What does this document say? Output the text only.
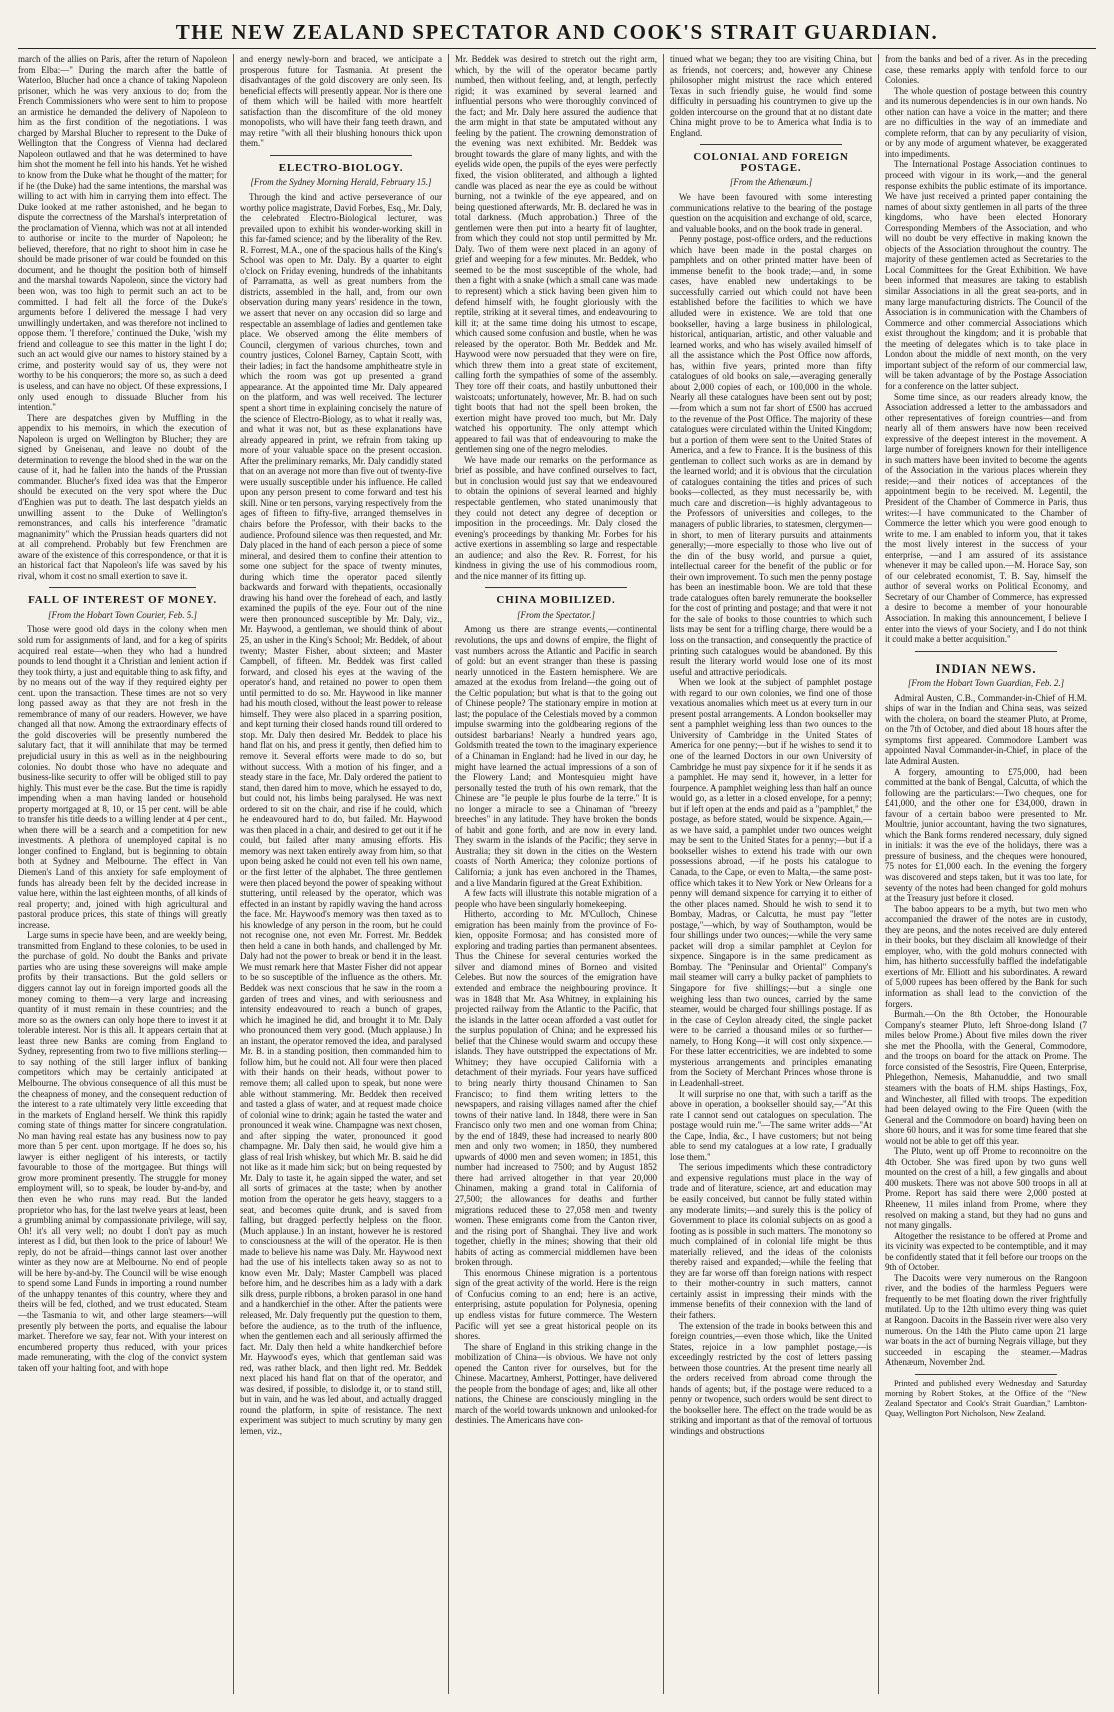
THE NEW ZEALAND SPECTATOR AND COOK'S STRAIT GUARDIAN.

march of the allies on Paris, after the return of Napoleon from Elba:—" During the march after the battle of Waterloo, Blucher had once a chance of taking Napoleon prisoner, which he was very anxious to do; from the French Commissioners who were sent to him to propose an armistice he demanded the delivery of Napoleon to him as the first condition of the negotiations. I was charged by Marshal Blucher to represent to the Duke of Wellington that the Congress of Vienna had declared Napoleon outlawed and that he was determined to have him shot the moment he fell into his hands. Yet he wished to know from the Duke what he thought of the matter; for if he (the Duke) had the same intentions, the marshal was willing to act with him in carrying them into effect. The Duke looked at me rather astonished, and he began to dispute the correctness of the Marshal's interpretation of the proclamation of Vienna, which was not at all intended to authorise or incite to the murder of Napoleon; he believed, therefore, that no right to shoot him in case he should be made prisoner of war could be founded on this document, and he thought the position both of himself and the marshal towards Napoleon, since the victory had been won, was too high to permit such an act to be committed. I had felt all the force of the Duke's arguments before I delivered the message I had very unwillingly undertaken, and was therefore not inclined to oppose them. 'I therefore,' continued the Duke, 'wish my friend and colleague to see this matter in the light I do; such an act would give our names to history stained by a crime, and posterity would say of us, they were not worthy to be his conquerors; the more so, as such a deed is useless, and can have no object. Of these expressions, I only used enough to dissuade Blucher from his intention."

There are despatches given by Muffling in the appendix to his memoirs, in which the execution of Napoleon is urged on Wellington by Blucher; they are signed by Gneisenau, and leave no doubt of the determination to revenge the blood shed in the war on the cause of it, had he fallen into the hands of the Prussian commander. Blucher's fixed idea was that the Emperor should be executed on the very spot where the Duc d'Enghien was put to death. The last despatch yields an unwilling assent to the Duke of Wellington's remonstrances, and calls his interference "dramatic magnanimity" which the Prussian heads quarters did not at all comprehend. Probably but few Frenchmen are aware of the existence of this correspondence, or that it is an historical fact that Napoleon's life was saved by his rival, whom it cost no small exertion to save it.

FALL OF INTEREST OF MONEY.
[From the Hobart Town Courier, Feb. 5.]

Those were good old days in the colony when men sold rum for assignments of land, and for a keg of spirits acquired real estate—when they who had a hundred pounds to lend thought it a Christian and lenient action if they took thirty, a just and equitable thing to ask fifty, and by no means out of the way if they required eighty per cent. upon the transaction. These times are not so very long passed away as that they are not fresh in the remembrance of many of our readers. However, we have changed all that now. Among the extraordinary effects of the gold discoveries will be presently numbered the salutary fact, that it will annihilate that may be termed prejudicial usury in this as well as in the neighbouring colonies. No doubt those who have no adequate and business-like security to offer will be obliged still to pay highly. This must ever be the case. But the time is rapidly impending when a man having landed or household property mortgaged at 8, 10, or 15 per cent. will be able to transfer his title deeds to a willing lender at 4 per cent., when there will be a search and a competition for new investments. A plethora of unemployed capital is no longer confined to England, but is beginning to obtain both at Sydney and Melbourne. The effect in Van Diemen's Land of this anxiety for safe employment of funds has already been felt by the decided increase in value here, within the last eighteen months, of all kinds of real property; and, joined with high agricultural and pastoral produce prices, this state of things will greatly increase.

Large sums in specie have been, and are weekly being, transmitted from England to these colonies, to be used in the purchase of gold. No doubt the Banks and private parties who are using these sovereigns will make ample profits by their transactions. But the gold sellers or diggers cannot lay out in foreign imported goods all the money coming to them—a very large and increasing quantity of it must remain in these countries; and the more so as the owners can only hope there to invest it at tolerable interest. Nor is this all. It appears certain that at least three new Banks are coming from England to Sydney, representing from two to five millions sterling—to say nothing of the still larger influx of banking competitors which may be certainly anticipated at Melbourne. The obvious consequence of all this must be the cheapness of money, and the consequent reduction of the interest to a rate ultimately very little exceeding that in the markets of England herself. We think this rapidly coming state of things matter for sincere congratulation. No man having real estate has any business now to pay more than 5 per cent. upon mortgage. If he does so, his lawyer is either negligent of his interests, or tactily favourable to those of the mortgagee. But things will grow more prominent presently. The struggle for money employment will, so to speak, be louder by-and-by, and then even he who runs may read. But the landed proprietor who has, for the last twelve years at least, been a grumbling animal by compassionate privilege, will say, Oh! it's all very well; no doubt I don't pay as much interest as I did, but then look to the price of labour! We reply, do not be afraid—things cannot last over another winter as they now are at Melbourne. No end of people will be here by-and-by. The Council will be wise enough to spend some Land Funds in importing a round number of the unhappy tenantes of this country, where they and theirs will be fed, clothed, and we trust educated. Steam—the Tasmania to wit, and other large steamers—will presently ply between the ports, and equalise the labour market. Therefore we say, fear not. With your interest on encumbered property thus reduced, with your prices made remunerating, with the clog of the convict system taken off your halting foot, and with hope

and energy newly-born and braced, we anticipate a prosperous future for Tasmania. At present the disadvantages of the gold discovery are only seen. Its beneficial effects will presently appear. Nor is there one of them which will be hailed with more heartfelt satisfaction than the discomfiture of the old money monopolists, who will have their fang teeth drawn, and may retire "with all their blushing honours thick upon them."

ELECTRO-BIOLOGY.
[From the Sydney Morning Herald, February 15.]

Through the kind and active perseverance of our worthy police magistrate, David Forbes, Esq., Mr. Daly, the celebrated Electro-Biological lecturer, was prevailed upon to exhibit his wonder-working skill in this far-famed science; and by the liberality of the Rev. R. Forrest, M.A., one of the spacious halls of the King's School was open to Mr. Daly. By a quarter to eight o'clock on Friday evening, hundreds of the inhabitants of Parramatta, as well as great numbers from the districts, assembled in the hall, and, from our own observation during many years' residence in the town, we assert that never on any occasion did so large and respectable an assemblage of ladies and gentlemen take place. We observed among the élite members of Council, clergymen of various churches, town and country justices, Colonel Barney, Captain Scott, with their ladies; in fact the handsome amphitheatre style in which the room was got up presented a grand appearance. At the appointed time Mr. Daly appeared on the platform, and was well received. The lecturer spent a short time in explaining concisely the nature of the science of Electro-Biology, as to what it really was, and what it was not, but as these explanations have already appeared in print, we refrain from taking up more of your valuable space on the present occasion. After the preliminary remarks, Mr. Daly candidly stated that on an average not more than five out of twenty-five were usually susceptible under his influence. He called upon any person present to come forward and test his skill. Nine or ten persons, varying respectively from the ages of fifteen to fifty-five, arranged themselves in chairs before the Professor, with their backs to the audience. Profound silence was then requested, and Mr. Daly placed in the hand of each person a piece of some mineral, and desired them to confine their attention to some one subject for the space of twenty minutes, during which time the operator paced silently backwards and forward with thepatients, occasionally drawing his hand over the forehead of each, and lastly examined the pupils of the eye. Four out of the nine were then pronounced susceptible by Mr. Daly, viz., Mr. Haywood, a gentleman, we should think of about 25, an usher in the King's School; Mr. Beddek, of about twenty; Master Fisher, about sixteen; and Master Campbell, of fifteen. Mr. Beddek was first called forward, and closed his eyes at the waving of the operator's hand, and retained no power to open them until permitted to do so. Mr. Haywood in like manner had his mouth closed, without the least power to release himself. They were also placed in a sparring position, and kept turning their closed hands round till ordered to stop. Mr. Daly then desired Mr. Beddek to place his hand flat on his, and press it gently, then defied him to remove it. Several efforts were made to do so, but without success. With a motion of his finger, and a steady stare in the face, Mr. Daly ordered the patient to stand, then dared him to move, which he essayed to do, but could not, his limbs being paralysed. He was next ordered to sit on the chair, and rise if he could, which he endeavoured hard to do, but failed. Mr. Haywood was then placed in a chair, and desired to get out it if he could, but failed after many amusing efforts. His memory was next taken entirely away from him, so that upon being asked he could not even tell his own name, or the first letter of the alphabet. The three gentlemen were then placed beyond the power of speaking without stuttering, until released by the operator, which was effected in an instant by rapidly waving the hand across the face. Mr. Haywood's memory was then taxed as to his knowledge of any person in the room, but he could not recognise one, not even Mr. Forrest. Mr. Beddek then held a cane in both hands, and challenged by Mr. Daly had not the power to break or bend it in the least. We must remark here that Master Fisher did not appear to be so susceptible of the influence as the others. Mr. Beddek was next conscious that he saw in the room a garden of trees and vines, and with seriousness and intensity endeavoured to reach a bunch of grapes, which he imagined he did, and brought it to Mr. Daly who pronounced them very good. (Much applause.) In an instant, the operator removed the idea, and paralysed Mr. B. in a standing position, then commanded him to follow him, but he could not. All four were then placed with their hands on their heads, without power to remove them; all called upon to speak, but none were able without stammering. Mr. Beddek then received and tasted a glass of water, and at request made choice of colonial wine to drink; again he tasted the water and pronounced it weak wine. Champagne was next chosen, and after sipping the water, pronounced it good champagne. Mr. Daly then said, he would give him a glass of real Irish whiskey, but which Mr. B. said he did not like as it made him sick; but on being requested by Mr. Daly to taste it, he again sipped the water, and set all sorts of grimaces at the taste; when by another motion from the operator he gets heavy, staggers to a seat, and becomes quite drunk, and is saved from falling, but dragged perfectly helpless on the floor. (Much applause.) In an instant, however he is restored to consciousness at the will of the operator. He is then made to believe his name was Daly. Mr. Haywood next had the use of his intellects taken away so as not to know even Mr. Daly; Master Campbell was placed before him, and he describes him as a lady with a dark silk dress, purple ribbons, a broken parasol in one hand and a handkerchief in the other. After the patients were released, Mr. Daly frequently put the question to them, before the audience, as to the truth of the influence, when the gentlemen each and all seriously affirmed the fact. Mr. Daly then held a white handkerchief before Mr. Haywood's eyes, which that gentleman said was red, was rather black, and then light red. Mr. Beddek next placed his hand flat on that of the operator, and was desired, if possible, to dislodge it, or to stand still, but in vain, and he was led about, and actually dragged round the platform, in spite of resistance. The next experiment was subject to much scrutiny by many gen lemen, viz.,

Mr. Beddek was desired to stretch out the right arm, which, by the will of the operator became partly numbed, then without feeling, and, at length, perfectly rigid; it was examined by several learned and influential persons who were thoroughly convinced of the fact; and Mr. Daly here assured the audience that the arm might in that state be amputated without any feeling by the patient. The crowning demonstration of the evening was next exhibited. Mr. Beddek was brought towards the glare of many lights, and with the eyelids wide open, the pupils of the eyes were perfectly fixed, the vision obliterated, and although a lighted candle was placed as near the eye as could be without burning, not a twinkle of the eye appeared, and on being questioned afterwards, Mr. B. declared he was in total darkness. (Much approbation.) Three of the gentlemen were then put into a hearty fit of laughter, from which they could not stop until permitted by Mr. Daly. Two of them were next placed in an agony of grief and weeping for a few minutes. Mr. Beddek, who seemed to be the most susceptible of the whole, had then a fight with a snake (which a small cane was made to represent) which a stick having been given him to defend himself with, he fought gloriously with the reptile, striking at it several times, and endeavouring to kill it; at the same time doing his utmost to escape, which caused some confusion and bustle, when he was released by the operator. Both Mr. Beddek and Mr. Haywood were now persuaded that they were on fire, which threw them into a great state of excitement, calling forth the sympathies of some of the assembly. They tore off their coats, and hastily unbuttoned their waistcoats; unfortunately, however, Mr. B. had on such tight boots that had not the spell been broken, the exertion might have proved too much, but Mr. Daly watched his opportunity. The only attempt which appeared to fail was that of endeavouring to make the gentlemen sing one of the negro melodies.

We have made our remarks on the performance as brief as possible, and have confined ourselves to fact, but in conclusion would just say that we endeavoured to obtain the opinions of several learned and highly respectable gentlemen, who stated unanimously that they could not detect any degree of deception or imposition in the proceedings. Mr. Daly closed the evening's proceedings by thanking Mr. Forbes for his active exertions in assembling so large and respectable an audience; and also the Rev. R. Forrest, for his kindness in giving the use of his commodious room, and the nice manner of its fitting up.

CHINA MOBILIZED.
[From the Spectator.]

Among us there are strange events,—continental revolutions, the ups and downs of empire, the flight of vast numbers across the Atlantic and Pacific in search of gold: but an event stranger than these is passing nearly unnoticed in the Eastern hemisphere. We are amazed at the exodus from Ireland—the going out of the Celtic population; but what is that to the going out of Chinese people? The stationary empire in motion at last; the populace of the Celestials moved by a common impulse swarming into the goldbearing regions of the outsidest barbarians! Nearly a hundred years ago, Goldsmith treated the town to the imaginary experience of a Chinaman in England: had he lived in our day, he might have learned the actual impressions of a son of the Flowery Land; and Montesquieu might have personally tested the truth of his own remark, that the Chinese are "le peuple le plus fourbe de la terre." It is no longer a miracle to see a Chinaman of "breezy breeches" in any latitude. They have broken the bonds of habit and gone forth, and are now in every land. They swarm in the islands of the Pacific; they serve in Australia; they sit down in the cities on the Western coasts of North America; they colonize portions of California; a junk has even anchored in the Thames, and a live Mandarin figured at the Great Exhibition.

A few facts will illustrate this notable migration of a people who have been singularly homekeeping.

Hitherto, according to Mr. M'Culloch, Chinese emigration has been mainly from the province of Fo-kien, opposite Formosa; and has consisted more of exploring and trading parties than permanent absentees. Thus the Chinese for several centuries worked the silver and diamond mines of Borneo and visited Celebes. But now the sources of the emigration have extended and embrace the neighbouring province. It was in 1848 that Mr. Asa Whitney, in explaining his projected railway from the Atlantic to the Pacific, that the islands in the latter ocean afforded a vast outlet for the surplus population of China; and he expressed his belief that the Chinese would swarm and occupy these islands. They have outstripped the expectations of Mr. Whitney; they have occupied California with a detachment of their myriads. Four years have sufficed to bring nearly thirty thousand Chinamen to San Francisco; to find them writing letters to the newspapers, and raising villages named after the chief towns of their native land. In 1848, there were in San Francisco only two men and one woman from China; by the end of 1849, these had increased to nearly 800 men and only two women; in 1850, they numbered upwards of 4000 men and seven women; in 1851, this number had increased to 7500; and by August 1852 there had arrived altogether in that year 20,000 Chinamen, making a grand total in California of 27,500; the allowances for deaths and further migrations reduced these to 27,058 men and twenty women. These emigrants come from the Canton river, and the rising port of Shanghai. They live and work together, chiefly in the mines; showing that their old habits of acting as commercial middlemen have been broken through.

This enormous Chinese migration is a portentous sign of the great activity of the world. Here is the reign of Confucius coming to an end; here is an active, enterprising, astute population for Polynesia, opening up endless vistas for future commerce. The Western Pacific will yet see a great historical people on its shores.

The share of England in this striking change in the mobilization of China—is obvious. We have not only opened the Canton river for ourselves, but for the Chinese. Macartney, Amherst, Pottinger, have delivered the people from the bondage of ages; and, like all other nations, the Chinese are consciously mingling in the march of the world towards unknown and unlooked-for destinies. The Americans have con-

tinued what we began; they too are visiting China, but as friends, not coercers; and, however any Chinese philosopher might mistrust the race which entered Texas in such friendly guise, he would find some difficulty in persuading his countrymen to give up the golden intercourse on the ground that at no distant date China might prove to be to America what India is to England.

COLONIAL AND FOREIGN POSTAGE.
[From the Athenæum.]

We have been favoured with some interesting communications relative to the bearing of the postage question on the acquisition and exchange of old, scarce, and valuable books, and on the book trade in general.

Penny postage, post-office orders, and the reductions which have been made in the postal charges on pamphlets and on other printed matter have been of immense benefit to the book trade;—and, in some cases, have enabled new undertakings to be successfully carried out which could not have been established before the facilities to which we have alluded were in existence. We are told that one bookseller, having a large business in philological, historical, antiquarian, artistic, and other valuable and learned works, and who has wisely availed himself of all the assistance which the Post Office now affords, has, within five years, printed more than fifty catalogues of old books on sale,—averaging generally about 2,000 copies of each, or 100,000 in the whole. Nearly all these catalogues have been sent out by post;—from which a sum not far short of £500 has accrued to the revenue of the Post Office. The majority of these catalogues were circulated within the United Kingdom; but a portion of them were sent to the United States of America, and a few to France. It is the business of this gentleman to collect such works as are in demand by the learned world; and it is obvious that the circulation of catalogues containing the titles and prices of such books—collected, as they must necessarily be, with much care and discretion—is highly advantageous to the Professors of universities and colleges, to the managers of public libraries, to statesmen, clergymen—in short, to men of literary pursuits and attainments generally;—more especially to those who live out of the din of the busy world, and pursue a quiet, intellectual career for the benefit of the public or for their own improvement. To such men the penny postage has been an inestimable boon. We are told that these trade catalogues often barely remunerate the bookseller for the cost of printing and postage; and that were it not for the sale of books to those countries to which such lists may be sent for a trifling charge, there would be a loss on the transaction, and consequently the practice of printing such catalogues would be abandoned. By this result the literary world would lose one of its most useful and attractive periodicals.

When we look at the subject of pamphlet postage with regard to our own colonies, we find one of those vexatious anomalies which meet us at every turn in our present postal arrangements. A London bookseller may sent a pamphlet weighing less than two ounces to the University of Cambridge in the United States of America for one penny;—but if he wishes to send it to one of the learned Doctors in our own University of Cambridge he must pay sixpence for it if he sends it as a pamphlet. He may send it, however, in a letter for fourpence. A pamphlet weighing less than half an ounce would go, as a letter in a closed envelope, for a penny; but if left open at the ends and paid as a "pamphlet," the postage, as before stated, would be sixpence. Again,—as we have said, a pamphlet under two ounces weight may be sent to the United States for a penny;—but if a bookseller wishes to extend his trade with our own possessions abroad, —if he posts his catalogue to Canada, to the Cape, or even to Malta,—the same post-office which takes it to New York or New Orleans for a penny will demand sixpence for carrying it to either of the other places named. Should he wish to send it to Bombay, Madras, or Calcutta, he must pay "letter postage,"—which, by way of Southampton, would be four shillings under two ounces;—while the very same packet will drop a similar pamphlet at Ceylon for sixpence. Singapore is in the same predicament as Bombay. The "Peninsular and Oriental" Company's mail steamer will carry a bulky packet of pamphlets to Singapore for five shillings;—but a single one weighing less than two ounces, carried by the same steamer, would be charged four shillings postage. If as in the case of Ceylon already cited, the single packet were to be carried a thousand miles or so further—namely, to Hong Kong—it will cost only sixpence.—For these latter eccentricities, we are indebted to some mysterious arrangements and principles emanating from the Society of Merchant Princes whose throne is in Leadenhall-street.

It will surprise no one that, with such a tariff as the above in operation, a bookseller should say,—"At this rate I cannot send out catalogues on speculation. The postage would ruin me."—The same writer adds—"At the Cape, India, &c., I have customers; but not being able to send my catalogues at a low rate, I gradually lose them."

The serious impediments which these contradictory and expensive regulations must place in the way of trade and of literature, science, art and education may be easily conceived, but cannot be fully stated within any moderate limits;—and surely this is the policy of Government to place its colonial subjects on as good a footing as is possible in such matters. The monotony so much complained of in colonial life might be thus materially relieved, and the ideas of the colonists thereby raised and expanded;—while the feeling that they are far worse off than foreign nations with respect to their mother-country in such matters, cannot certainly assist in impressing their minds with the immense benefits of their connexion with the land of their fathers.

The extension of the trade in books between this and foreign countries,—even those which, like the United States, rejoice in a low pamphlet postage,—is exceedingly restricted by the cost of letters passing between those countries. At the present time nearly all the orders received from abroad come through the hands of agents; but, if the postage were reduced to a penny or twopence, such orders would be sent direct to the bookseller here. The effect on the trade would be as striking and important as that of the removal of tortuous windings and obstructions

from the banks and bed of a river. As in the preceding case, these remarks apply with tenfold force to our Colonies.

The whole question of postage between this country and its numerous dependencies is in our own hands. No other nation can have a voice in the matter; and there are no difficulties in the way of an immediate and complete reform, that can by any peculiarity of vision, or by any mode of argument whatever, be exaggerated into impediments.

The International Postage Association continues to proceed with vigour in its work,—and the general response exhibits the public estimate of its importance. We have just received a printed paper containing the names of about sixty gentlemen in all parts of the three kingdoms, who have been elected Honorary Corresponding Members of the Association, and who will no doubt be very effective in making known the objects of the Association throughout the country. The majority of these gentlemen acted as Secretaries to the Local Committees for the Great Exhibition. We have been informed that measures are taking to establish similar Associations in all the great sea-ports, and in many large manufacturing districts. The Council of the Association is in communication with the Chambers of Commerce and other commercial Associations which exist throughout the kingdom; and it is probable that the meeting of delegates which is to take place in London about the middle of next month, on the very important subject of the reform of our commercial law, will be taken advantage of by the Postage Association for a conference on the latter subject.

Some time since, as our readers already know, the Association addressed a letter to the ambassadors and other representatives of foreign countries—and from nearly all of them answers have now been received expressive of the deepest interest in the movement. A large number of foreigners known for their intelligence in such matters have been invited to become the agents of the Association in the various places wherein they reside;—and their notices of acceptances of the appointment begin to be received. M. Legentil, the President of the Chamber of Commerce in Paris, thus writes:—I have communicated to the Chamber of Commerce the letter which you were good enough to write to me. I am enabled to inform you, that it takes the most lively interest in the success of your enterprise, —and I am assured of its assistance whenever it may be called upon.—M. Horace Say, son of our celebrated economist, T. B. Say, himself the author of several works on Political Economy, and Secretary of our Chamber of Commerce, has expressed a desire to become a member of your honourable Association. In making this announcement, I believe I enter into the views of your Society, and I do not think it could make a better acquisition."

INDIAN NEWS.
[From the Hobart Town Guardian, Feb. 2.]

Admiral Austen, C.B., Commander-in-Chief of H.M. ships of war in the Indian and China seas, was seized with the cholera, on board the steamer Pluto, at Prome, on the 7th of October, and died about 18 hours after the symptoms first appeared. Commodore Lambert was appointed Naval Commander-in-Chief, in place of the late Admiral Austen.

A forgery, amounting to £75,000, had been committed at the bank of Bengal, Calcutta, of which the following are the particulars:—Two cheques, one for £41,000, and the other one for £34,000, drawn in favour of a certain baboo were presented to Mr. Moultrie, junior accountant, having the two signatures, which the Bank forms rendered necessary, duly signed in initials: it was the eve of the holidays, there was a pressure of business, and the cheques were honoured, 75 notes for £1,000 each. In the evening the forgery was discovered and steps taken, but it was too late, for seventy of the notes had been changed for gold mohurs at the Treasury just before it closed.

The baboo appears to be a myth, but two men who accompanied the drawer of the notes are in custody, they are peons, and the notes received are duly entered in their books, but they disclaim all knowledge of their employer, who, with the gold mohurs connected with him, has hitherto successfully baffled the indefatigable exertions of Mr. Elliott and his subordinates. A reward of 5,000 rupees has been offered by the Bank for such information as shall lead to the conviction of the forgers.

Burmah.—On the 8th October, the Honourable Company's steamer Pluto, left Shroe-dong Island (7 miles below Prome.) About five miles down the river she met the Phoolla, with the General, Commodore, and the troops on board for the attack on Prome. The force consisted of the Sesostris, Fire Queen, Enterprise, Phlegethon, Nemesis, Mahanuddie, and two small steamers with the boats of H.M. ships Hastings, Fox, and Winchester, all filled with troops. The expedition had been delayed owing to the Fire Queen (with the General and the Commodore on board) having been on shore 60 hours, and it was for some time feared that she would not be able to get off this year.

The Pluto, went up off Prome to reconnoitre on the 4th October. She was fired upon by two guns well mounted on the crest of a hill, a few gingalls and about 400 muskets. There was not above 500 troops in all at Prome. Report has said there were 2,000 posted at Rheenew, 11 miles inland from Prome, where they resolved on making a stand, but they had no guns and not many gingalls.

Altogether the resistance to be offered at Prome and its vicinity was expected to be contemptible, and it may be confidently stated that it fell before our troops on the 9th of October.

The Dacoits were very numerous on the Rangoon river, and the bodies of the harmless Peguers were frequently to be met floating down the river frightfully mutilated. Up to the 12th ultimo every thing was quiet at Rangoon. Dacoits in the Bassein river were also very numerous. On the 14th the Pluto came upon 21 large war boats in the act of burning Negrais village, but they succeeded in escaping the steamer.—Madras Athenæum, November 2nd.

Printed and published every Wednesday and Saturday morning by Robert Stokes, at the Office of the "New Zealand Spectator and Cook's Strait Guardian," Lambton-Quay, Wellington Port Nicholson, New Zealand.
